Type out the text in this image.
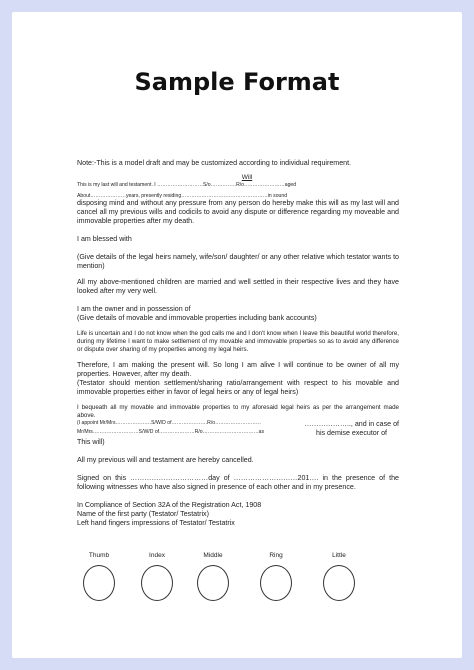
Sample Format

Note:-This is a model draft and may be customized according to individual requirement.

Will

This is my last will and testament. I ………………………S/o……………R/o……………………aged

About…………………years, presently residing……………………………………………in sound

disposing mind and without any pressure from any person do hereby make this will as my last will and cancel all my previous wills and codicils to avoid any dispute or difference regarding my moveable and immovable properties after my death.

I am blessed with

(Give details of the legal heirs namely, wife/son/ daughter/ or any other relative which testator wants to mention)

All my above-mentioned children are married and well settled in their respective lives and they have looked after my very well.

I am the owner and in possession of

(Give details of movable and immovable properties including bank accounts)

Life is uncertain and I do not know when the god calls me and I don't know when I leave this beautiful world therefore, during my lifetime I want to make settlement of my movable and immovable properties so as to avoid any difference or dispute over sharing of my properties among my legal heirs.

Therefore, I am making the present will. So long I am alive I will continue to be owner of all my properties. However, after my death.

(Testator should mention settlement/sharing ratio/arrangement with respect to his movable and immovable properties either in favor of legal heirs or any of legal heirs)

I bequeath all my movable and immovable properties to my aforesaid legal heirs as per the arrangement made above.

(I appoint Mr/Mrs…………………S/W/D of…………………R/o………………………	……………….., and in case of
Mr/Mrs………………………S/W/D of…………………R/o……………………………as	his demise executor of

This will)

All my previous will and testament are hereby cancelled.

Signed on this ……………………………day of ………………………201…. in the presence of the following witnesses who have also signed in presence of each other and in my presence.

In Compliance of Section 32A of the Registration Act, 1908

Name of the first party (Testator/ Testatrix)

Left hand fingers impressions of Testator/ Testatrix

Thumb	Index	Middle	Ring	Little
